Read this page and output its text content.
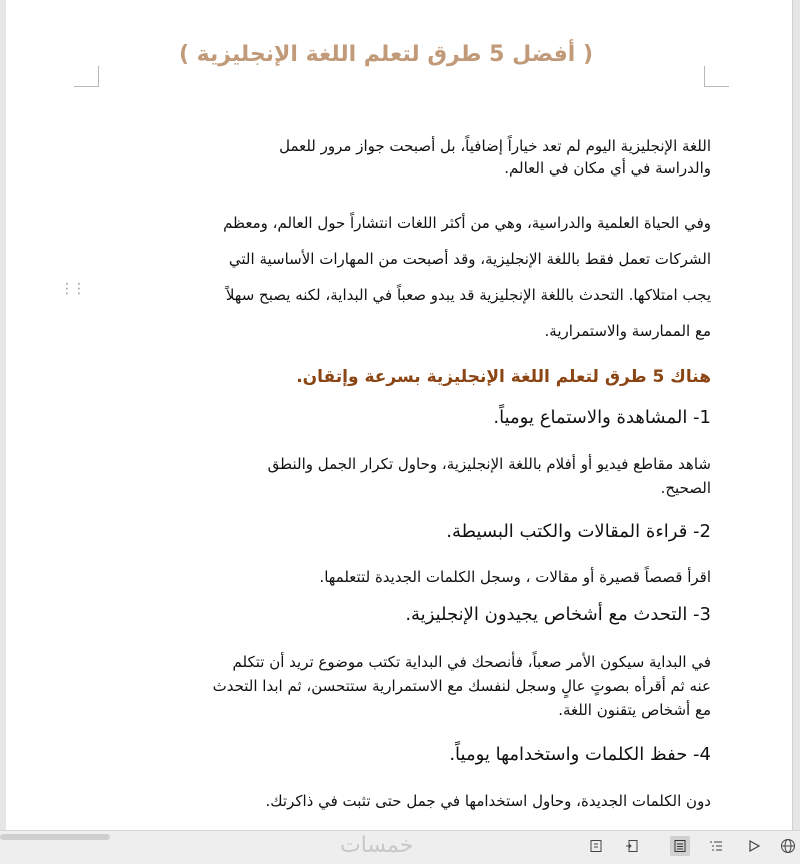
( أفضل 5 طرق لتعلم اللغة الإنجليزية )
⋮⋮
اللغة الإنجليزية اليوم لم تعد خياراً إضافياً، بل أصبحت جواز مرور للعمل
والدراسة في أي مكان في العالم.
وفي الحياة العلمية والدراسية، وهي من أكثر اللغات انتشاراً حول العالم، ومعظم
الشركات تعمل فقط باللغة الإنجليزية، وقد أصبحت من المهارات الأساسية التي
يجب امتلاكها. التحدث باللغة الإنجليزية قد يبدو صعباً في البداية، لكنه يصبح سهلاً
مع الممارسة والاستمرارية.
هناك 5 طرق لتعلم اللغة الإنجليزية بسرعة وإتقان.
1- المشاهدة والاستماع يومياً.
شاهد مقاطع فيديو أو أفلام باللغة الإنجليزية، وحاول تكرار الجمل والنطق
الصحيح.
2- قراءة المقالات والكتب البسيطة.
اقرأ قصصاً قصيرة أو مقالات ، وسجل الكلمات الجديدة لتتعلمها.
3- التحدث مع أشخاص يجيدون الإنجليزية.
في البداية سيكون الأمر صعباً، فأنصحك في البداية تكتب موضوع تريد أن تتكلم
عنه ثم أقرأه بصوتٍ عالٍ وسجل لنفسك مع الاستمرارية ستتحسن، ثم ابدا التحدث
مع أشخاص يتقنون اللغة.
4- حفظ الكلمات واستخدامها يومياً.
دون الكلمات الجديدة، وحاول استخدامها في جمل حتى تثبت في ذاكرتك.
خمسات
